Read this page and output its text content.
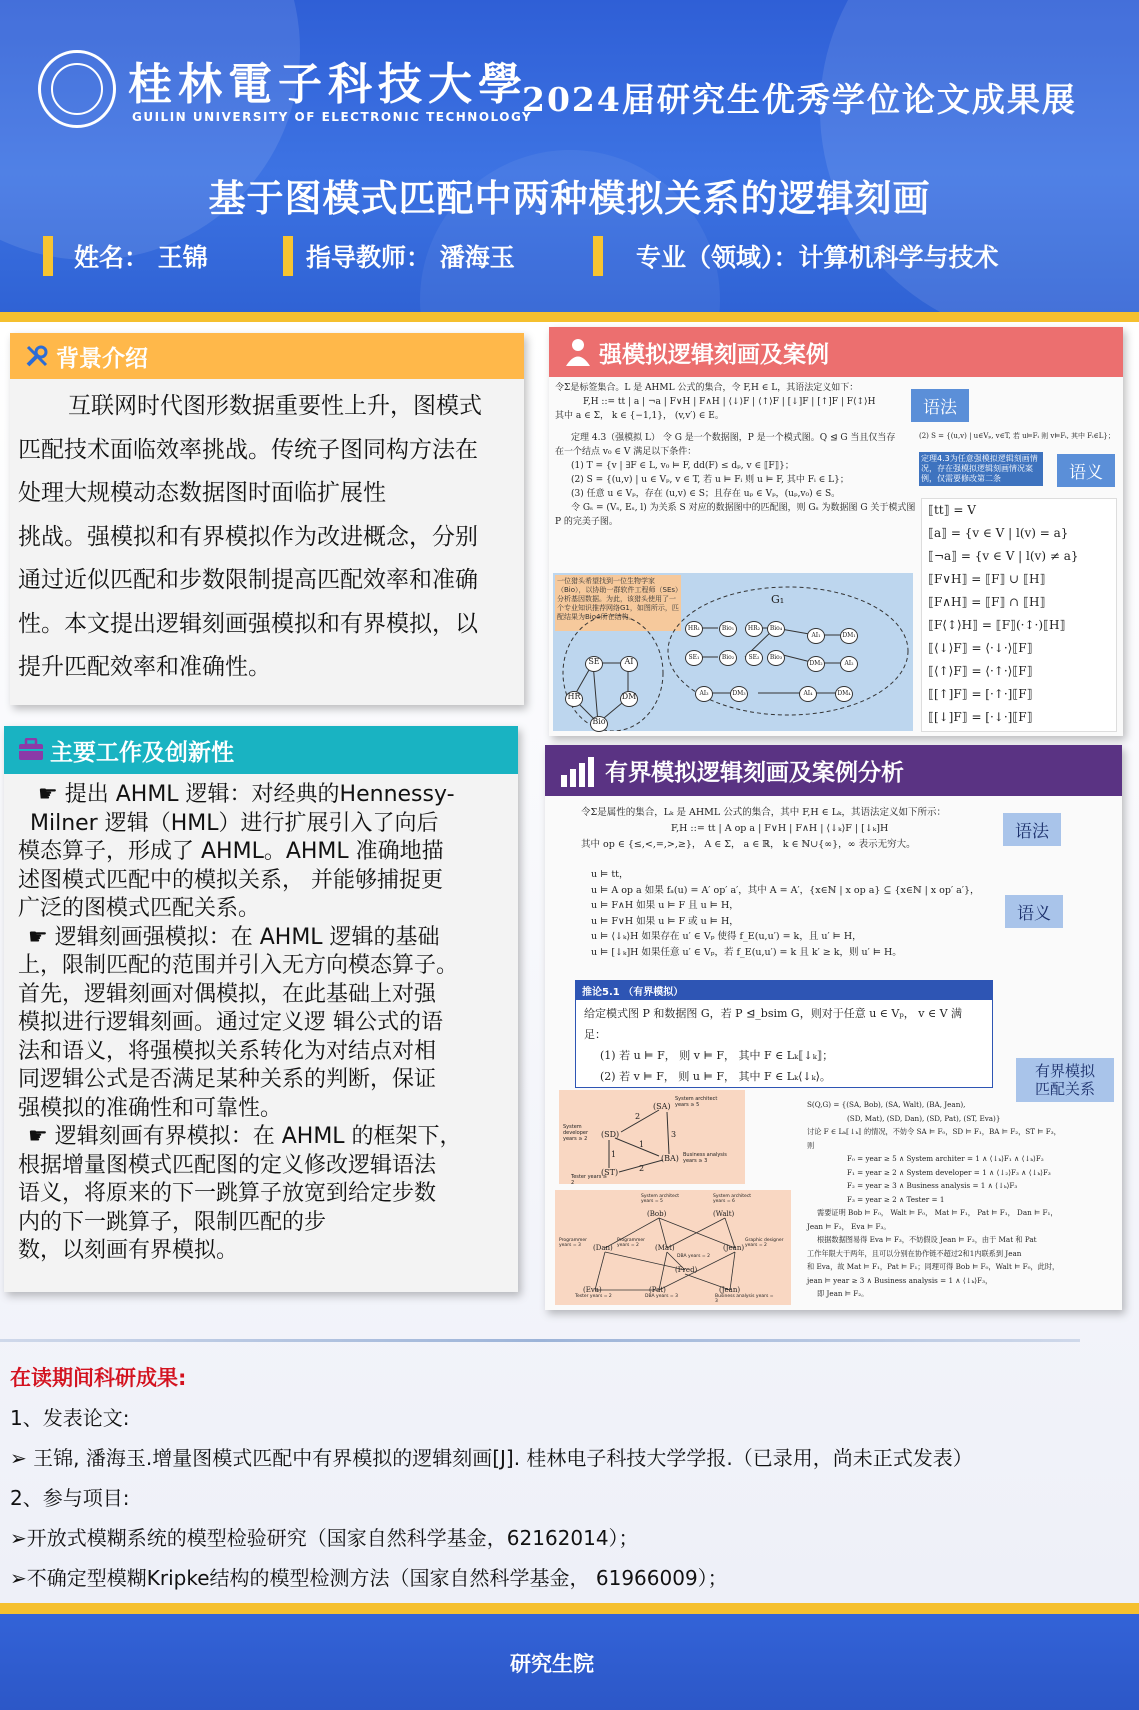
桂林電子科技大學
GUILIN UNIVERSITY OF ELECTRONIC TECHNOLOGY
2024届研究生优秀学位论文成果展
基于图模式匹配中两种模拟关系的逻辑刻画
姓名： 王锦	指导教师： 潘海玉	专业（领域）：计算机科学与技术
背景介绍
互联网时代图形数据重要性上升，图模式
匹配技术面临效率挑战。传统子图同构方法在
处理大规模动态数据图时面临扩展性
挑战。强模拟和有界模拟作为改进概念，分别
通过近似匹配和步数限制提高匹配效率和准确
性。本文提出逻辑刻画强模拟和有界模拟，以
提升匹配效率和准确性。
主要工作及创新性
☛ 提出 AHML 逻辑：对经典的Hennessy-
Milner 逻辑（HML）进行扩展引入了向后
模态算子，形成了 AHML。AHML 准确地描
述图模式匹配中的模拟关系， 并能够捕捉更
广泛的图模式匹配关系。
☛ 逻辑刻画强模拟：在 AHML 逻辑的基础
上，限制匹配的范围并引入无方向模态算子。
首先，逻辑刻画对偶模拟，在此基础上对强
模拟进行逻辑刻画。通过定义逻 辑公式的语
法和语义，将强模拟关系转化为对结点对相
同逻辑公式是否满足某种关系的判断，保证
强模拟的准确性和可靠性。
☛ 逻辑刻画有界模拟：在 AHML 的框架下，
根据增量图模式匹配图的定义修改逻辑语法
语义，将原来的下一跳算子放宽到给定步数
内的下一跳算子，限制匹配的步
数，以刻画有界模拟。
强模拟逻辑刻画及案例
令Σ是标签集合。L 是 AHML 公式的集合，令 F,H ∈ L，其语法定义如下：
F,H ::= tt | a | ¬a | F∨H | F∧H | ⟨↓⟩F | ⟨↑⟩F | [↓]F | [↑]F | F⟨↕⟩H
其中 a ∈ Σ， k ∈ {−1,1}， (v,v′) ∈ E。
定理 4.3（强模拟 L） 令 G 是一个数据图，P 是一个模式图。Q ⊴ G 当且仅当存
在一个结点 v₀ ∈ V 满足以下条件：
(1) T = {v | ∃F ∈ L, v₀ ⊨ F, dd(F) ≤ dₚ, v ∈ ⟦F⟧}；
(2) S = {(u,v) | u ∈ Vₚ, v ∈ T, 若 u ⊨ Fᵢ 则 u ⊨ F, 其中 Fᵢ ∈ L}；
(3) 任意 u ∈ Vₚ，存在 (u,v) ∈ S；且存在 uₚ ∈ Vₚ，(uₚ,v₀) ∈ S。
令 Gₛ = (Vₛ, Eₛ, l) 为关系 S 对应的数据图中的匹配图，则 Gₛ 为数据图 G 关于模式图
P 的完美子图。
语法
(2) S = {(u,v) | u∈Vₚ, v∈T, 若 u⊨Fᵢ 则 v⊨Fᵢ, 其中 Fᵢ∈L}；
定理4.3为任意强模拟逻辑刻画情况，存在强模拟逻辑刻画情况案例，仅需要修改第二条	语义
⟦tt⟧ = V
⟦a⟧ = {v ∈ V | l(v) = a}
⟦¬a⟧ = {v ∈ V | l(v) ≠ a}
⟦F∨H⟧ = ⟦F⟧ ∪ ⟦H⟧
⟦F∧H⟧ = ⟦F⟧ ∩ ⟦H⟧
⟦F⟨↕⟩H⟧ = ⟦F⟧(·↕·)⟦H⟧
⟦⟨↓⟩F⟧ = ⟨·↓·⟩⟦F⟧
⟦⟨↑⟩F⟧ = ⟨·↑·⟩⟦F⟧
⟦[↑]F⟧ = [·↑·]⟦F⟧
⟦[↓]F⟧ = [·↓·]⟦F⟧
一位猎头希望找到一位生物学家（Bio），以协助一群软件工程师（SEs）分析基因数据。为此，该猎头使用了一个专业知识推荐网络G1，如图所示，匹配结果为Bio4所在结构。
G₁
SE	AI
HR	DM
Bio
HR₁	Bio₁	HR₂	Bio₄
AI₁	DM₁
SE₁	Bio₂	SE₂	Bio₃
DM₂	AI₂
AI₃	DM₃	AI₄	DM₄
有界模拟逻辑刻画及案例分析
令Σ是属性的集合，Lₖ 是 AHML 公式的集合，其中 F,H ∈ Lₖ，其语法定义如下所示：
F,H ::= tt | A op a | F∨H | F∧H | ⟨↓ₖ⟩F | [↓ₖ]H
其中 op ∈ {≤,<,=,>,≥}， A ∈ Σ， a ∈ ℝ， k ∈ ℕ∪{∞}，∞ 表示无穷大。
语法
u ⊨ tt，
u ⊨ A op a 如果 fₐ(u) = A′ op′ a′，其中 A = A′，{x∈ℕ | x op a} ⊆ {x∈ℕ | x op′ a′}，
u ⊨ F∧H 如果 u ⊨ F 且 u ⊨ H，
u ⊨ F∨H 如果 u ⊨ F 或 u ⊨ H，
u ⊨ ⟨↓ₖ⟩H 如果存在 u′ ∈ Vₚ 使得 f_E(u,u′) = k，且 u′ ⊨ H，
u ⊨ [↓ₖ]H 如果任意 u′ ∈ Vₚ，若 f_E(u,u′) = k 且 k′ ≥ k，则 u′ ⊨ H。
语义
推论5.1 （有界模拟）
给定模式图 P 和数据图 G，若 P ⊴_bsim G，则对于任意 u ∈ Vₚ， v ∈ V 满足：
(1) 若 u ⊨ F， 则 v ⊨ F， 其中 F ∈ Lₖ⟦↓ₖ⟧；
(2) 若 v ⊨ F， 则 u ⊨ F， 其中 F ∈ Lₖ⟨↓ₖ⟩。	有界模拟匹配关系
(SA)
(SD)
(BA)
(ST)
System architect years ≥ 5
System developer years ≥ 2
Business analysis years ≥ 3
Tester years ≥ 2
2
3
1
1
2
(Bob)	(Walt)
(Dan)	(Mat)	(Jean)
(Fred)
(Eva)	(Pat)	(Jean)
System architect years = 5
System architect years = 6
Programmer years = 3
Programmer years = 2
Graphic designer years = 2
DBA years = 2
Tester years = 2	DBA years = 3	Business analysis years = 3
S(Q,G) = {(SA, Bob), (SA, Walt), (BA, Jean),
(SD, Mat), (SD, Dan), (SD, Pat), (ST, Eva)}
讨论 F ∈ Lₖ⟦↓ₖ⟧ 的情况，不妨令 SA ⊨ F₀，SD ⊨ F₁，BA ⊨ F₂，ST ⊨ F₃，
则
F₀ = year ≥ 5 ∧ System architer = 1 ∧ ⟨↓ₖ⟩F₁ ∧ ⟨↓ₖ⟩F₂
F₁ = year ≥ 2 ∧ System developer = 1 ∧ ⟨↓₂⟩F₃ ∧ ⟨↓ₖ⟩F₃
F₂ = year ≥ 3 ∧ Business analysis = 1 ∧ ⟨↓ₖ⟩F₃
F₃ = year ≥ 2 ∧ Tester = 1
需要证明 Bob ⊨ F₀， Walt ⊨ F₀， Mat ⊨ F₁， Pat ⊨ F₁， Dan ⊨ F₁，
Jean ⊨ F₂， Eva ⊨ F₃。
根据数据图易得 Eva ⊨ F₃，不妨假设 Jean ⊨ F₂，由于 Mat 和 Pat
工作年限大于两年，且可以分别在协作链不超过2和1内联系到 Jean
和 Eva，故 Mat ⊨ F₁，Pat ⊨ F₁；同理可得 Bob ⊨ F₀，Walt ⊨ F₀，此时，
jean ⊨ year ≥ 3 ∧ Business analysis = 1 ∧ ⟨↓ₖ⟩F₃，
即 Jean ⊨ F₂。
在读期间科研成果:
1、发表论文:
➢ 王锦, 潘海玉.增量图模式匹配中有界模拟的逻辑刻画[J]. 桂林电子科技大学学报.（已录用，尚未正式发表）
2、参与项目:
➢开放式模糊系统的模型检验研究（国家自然科学基金，62162014）；
➢不确定型模糊Kripke结构的模型检测方法（国家自然科学基金， 61966009）；
研究生院
